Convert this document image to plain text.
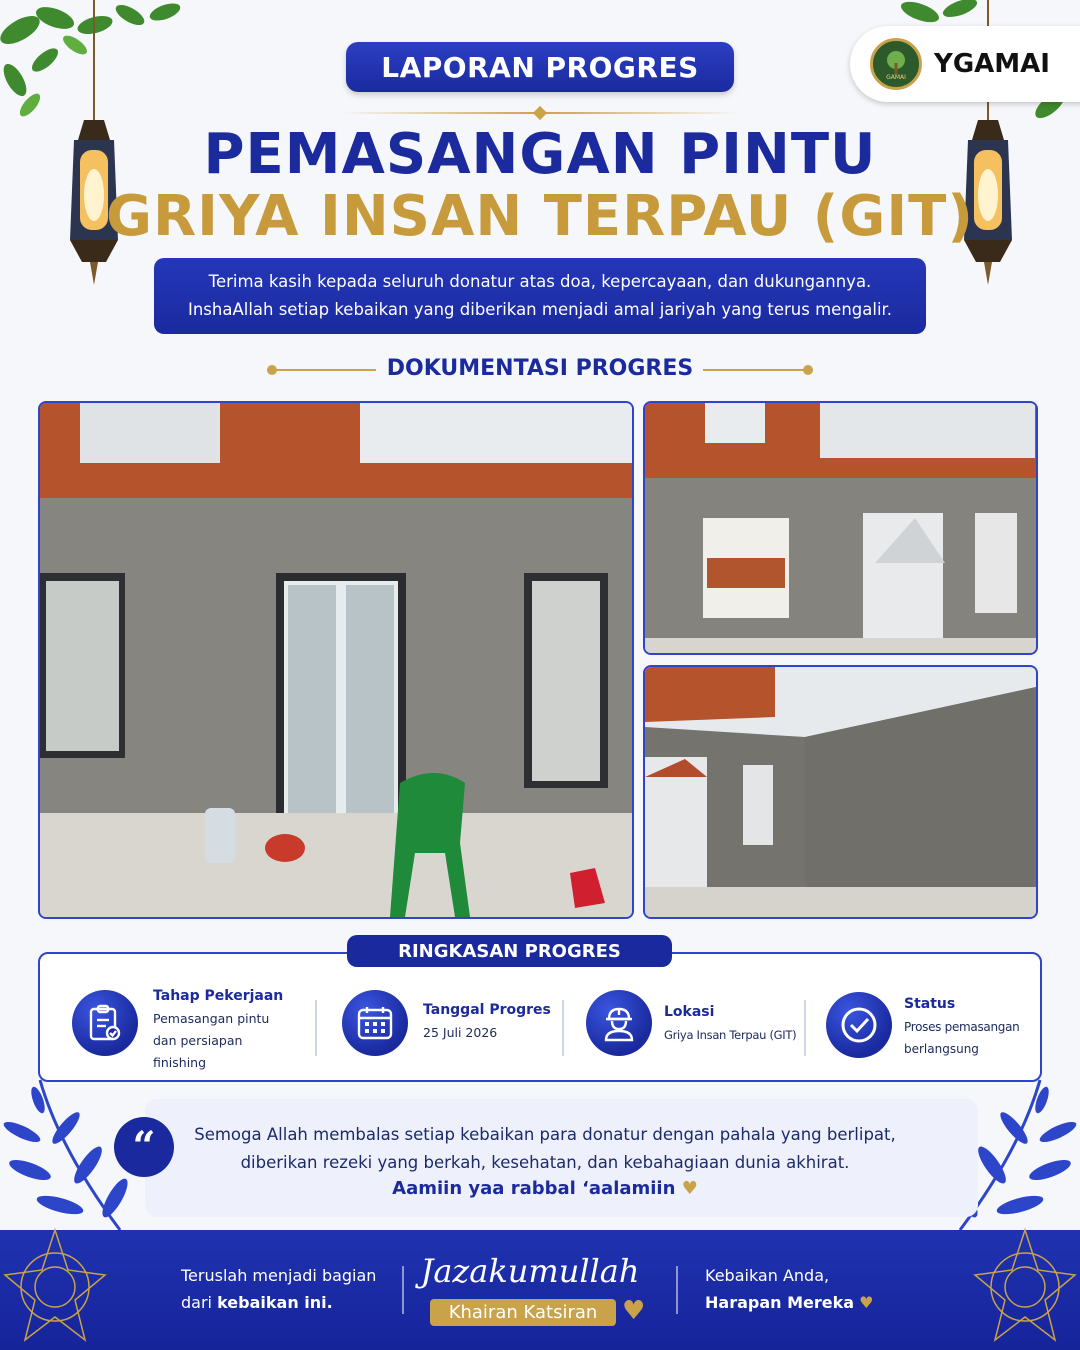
GAMAI YGAMAI
LAPORAN PROGRES
PEMASANGAN PINTU
GRIYA INSAN TERPAU (GIT)
Terima kasih kepada seluruh donatur atas doa, kepercayaan, dan dukungannya.
InshaAllah setiap kebaikan yang diberikan menjadi amal jariyah yang terus mengalir.
DOKUMENTASI PROGRES
RINGKASAN PROGRES
Tahap Pekerjaan
Pemasangan pintu
dan persiapan
finishing
Tanggal Progres
25 Juli 2026
Lokasi
Griya Insan Terpau (GIT)
Status
Proses pemasangan
berlangsung
“	Semoga Allah membalas setiap kebaikan para donatur dengan pahala yang berlipat,
diberikan rezeki yang berkah, kesehatan, dan kebahagiaan dunia akhirat.
Aamiin yaa rabbal ‘aalamiin ♥
Teruslah menjadi bagian
dari kebaikan ini.
Jazakumullah
Khairan Katsiran ♥
Kebaikan Anda,
Harapan Mereka ♥
